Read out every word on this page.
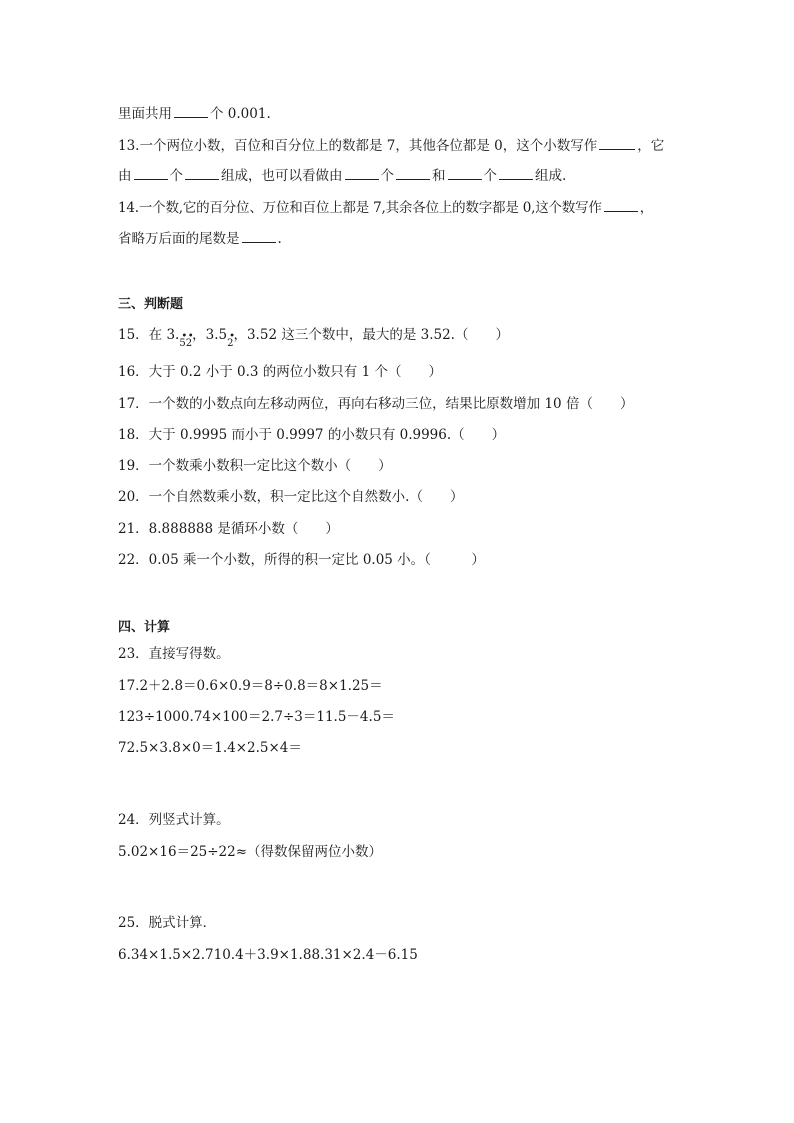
里面共用	个 0.001.
13.一个两位小数，百位和百分位上的数都是 7，其他各位都是 0，这个小数写作	，它
由	个	组成，也可以看做由	个	和	个	组成.
14.一个数,它的百分位、万位和百位上都是 7,其余各位上的数字都是 0,这个数写作	，
省略万后面的尾数是	.
三、判断题
15．在 3. •
5
•
2，3.5 •
2，3.52 这三个数中，最大的是 3.52.（　　）
16．大于 0.2 小于 0.3 的两位小数只有 1 个（　　）
17．一个数的小数点向左移动两位，再向右移动三位，结果比原数增加 10 倍（　　）
18．大于 0.9995 而小于 0.9997 的小数只有 0.9996.（　　）
19．一个数乘小数积一定比这个数小（　　）
20．一个自然数乘小数，积一定比这个自然数小.（　　）
21．8.888888 是循环小数（　　）
22．0.05 乘一个小数，所得的积一定比 0.05 小。（　　　）
四、计算
23．直接写得数。
17.2＋2.8＝0.6×0.9＝8÷0.8＝8×1.25＝
123÷1000.74×100＝2.7÷3＝11.5－4.5＝
72.5×3.8×0＝1.4×2.5×4＝
24．列竖式计算。
5.02×16＝25÷22≈（得数保留两位小数）
25．脱式计算．
6.34×1.5×2.710.4＋3.9×1.88.31×2.4－6.15
